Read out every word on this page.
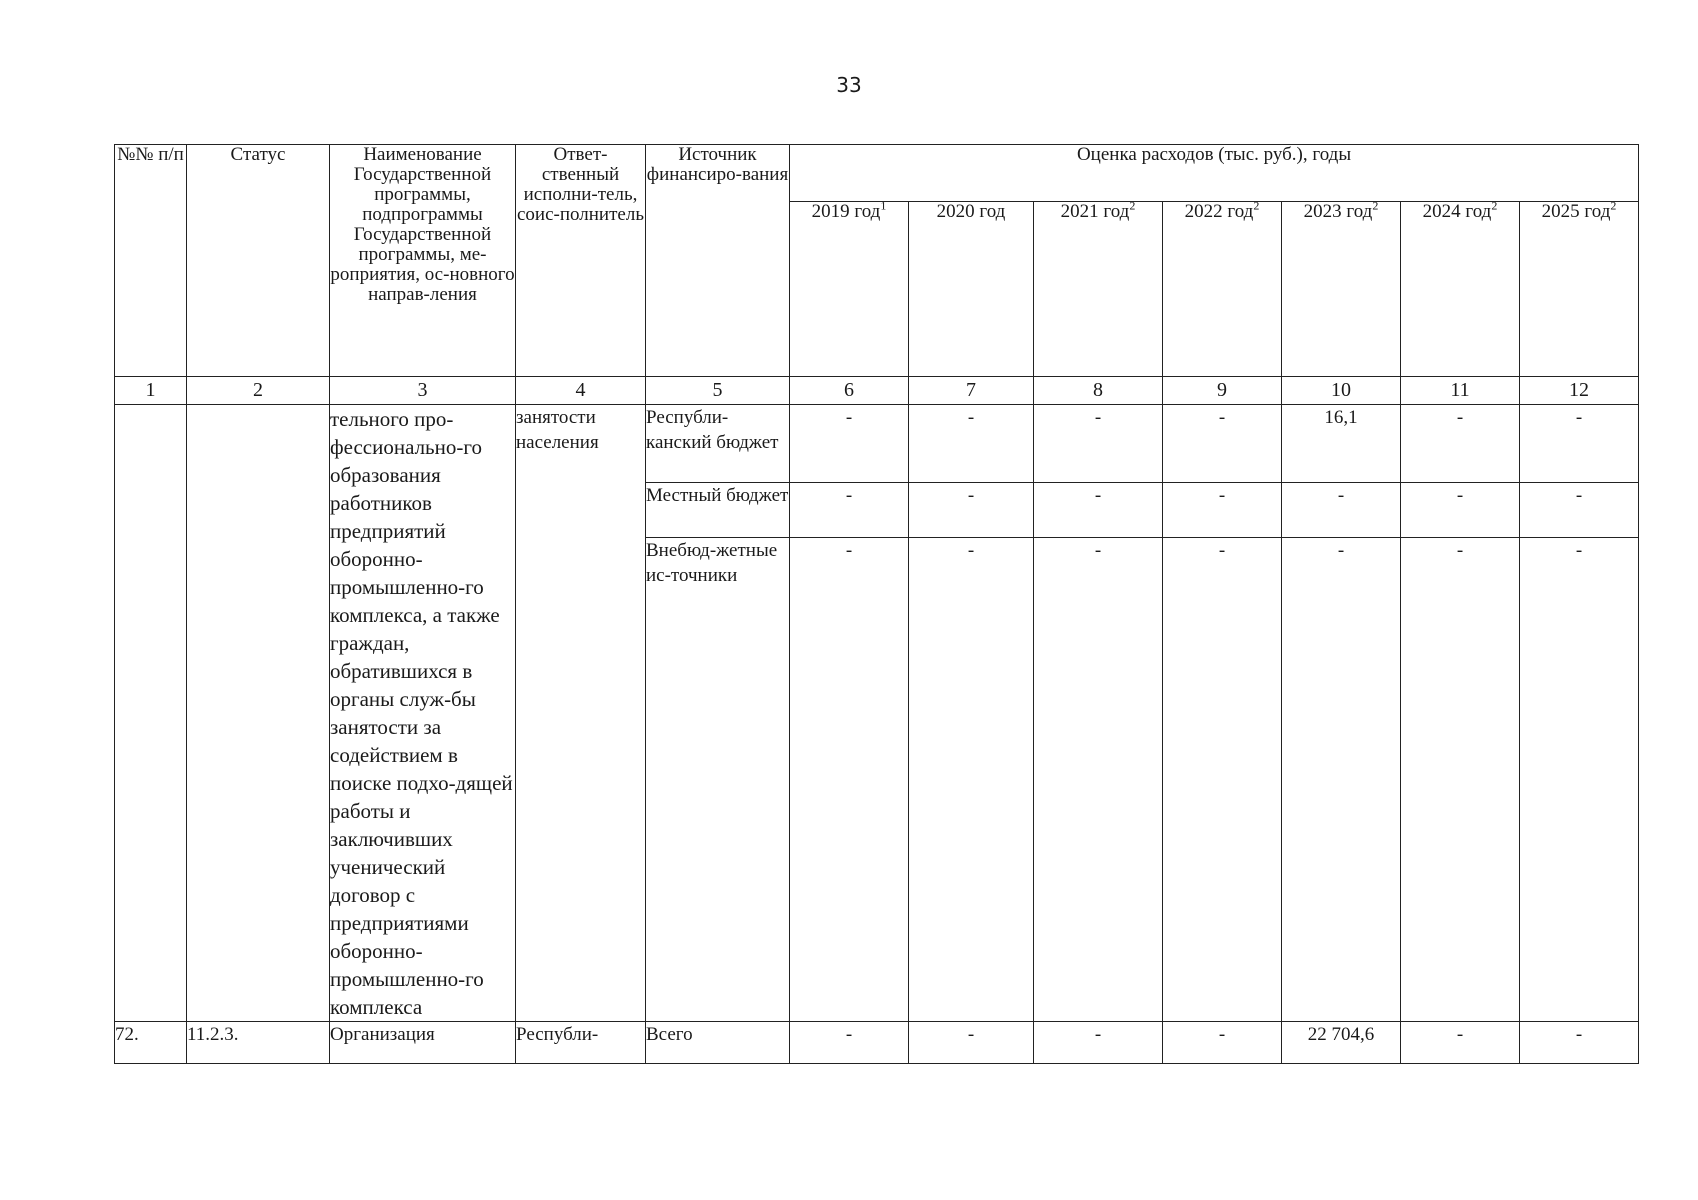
33
№№ п/п	Статус	Наименование Государственной программы, подпрограммы Государственной программы, ме-роприятия, ос-новного направ-ления	Ответ-ственный исполни-тель, соис-полнитель	Источник финансиро-вания	Оценка расходов (тыс. руб.), годы						
					2019 год$^1$	2020 год	2021 год$^2$	2022 год$^2$	2023 год$^2$	2024 год$^2$	2025 год$^2$
1	2	3	4	5	6	7	8	9	10	11	12
		тельного про-фессионально-го образования работников предприятий оборонно-промышленно-го комплекса, а также граждан, обратившихся в органы служ-бы занятости за содействием в поиске подхо-дящей работы и заключивших ученический договор с предприятиями оборонно-промышленно-го комплекса	занятости населения	Республи-канский бюджет	-	-	-	-	16,1	-	-
				Местный бюджет	-	-	-	-	-	-	-
				Внебюд-жетные ис-точники	-	-	-	-	-	-	-
72.	11.2.3.	Организация	Республи-	Всего	-	-	-	-	22 704,6	-	-
